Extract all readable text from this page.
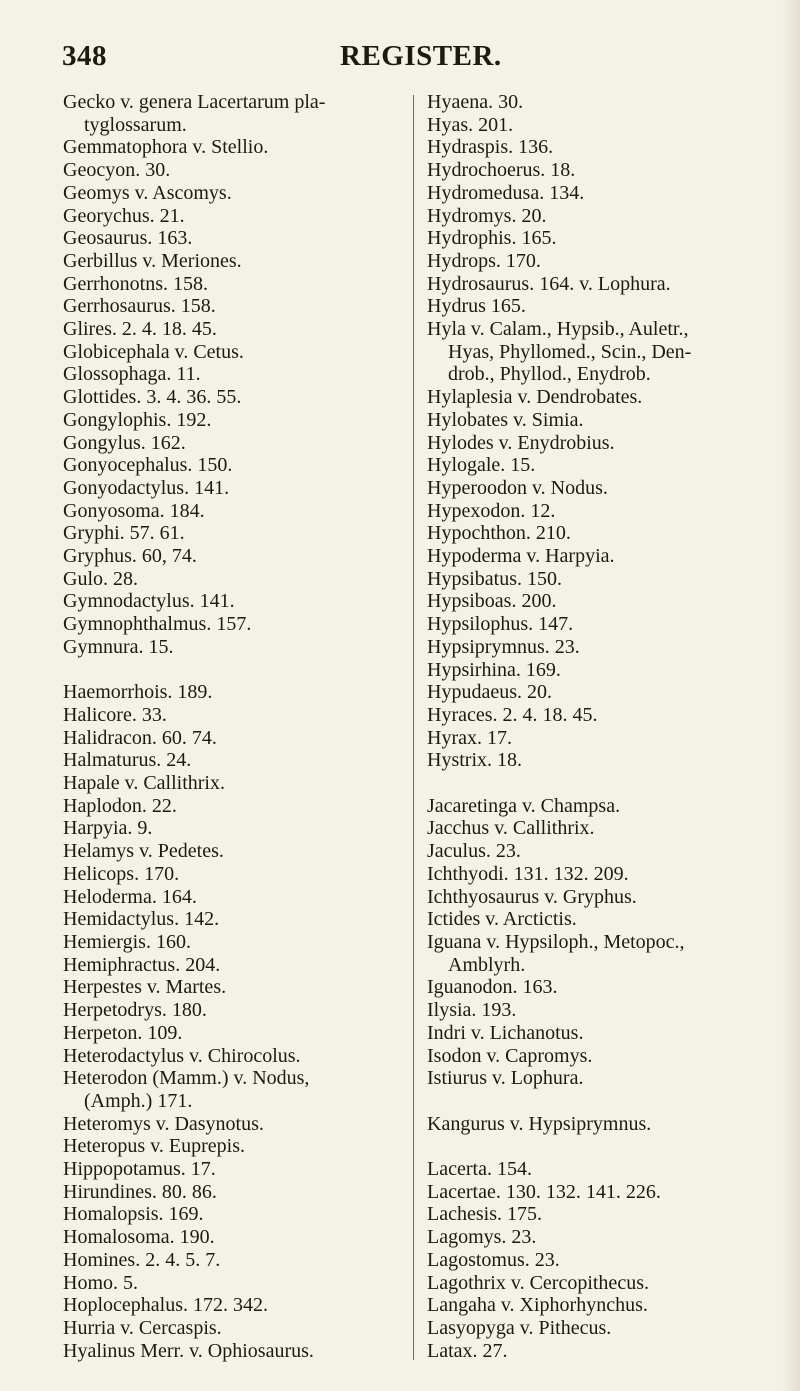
348	REGISTER.
Gecko v. genera Lacertarum pla-
tyglossarum.
Gemmatophora v. Stellio.
Geocyon. 30.
Geomys v. Ascomys.
Georychus. 21.
Geosaurus. 163.
Gerbillus v. Meriones.
Gerrhonotns. 158.
Gerrhosaurus. 158.
Glires. 2. 4. 18. 45.
Globicephala v. Cetus.
Glossophaga. 11.
Glottides. 3. 4. 36. 55.
Gongylophis. 192.
Gongylus. 162.
Gonyocephalus. 150.
Gonyodactylus. 141.
Gonyosoma. 184.
Gryphi. 57. 61.
Gryphus. 60, 74.
Gulo. 28.
Gymnodactylus. 141.
Gymnophthalmus. 157.
Gymnura. 15.
Haemorrhois. 189.
Halicore. 33.
Halidracon. 60. 74.
Halmaturus. 24.
Hapale v. Callithrix.
Haplodon. 22.
Harpyia. 9.
Helamys v. Pedetes.
Helicops. 170.
Heloderma. 164.
Hemidactylus. 142.
Hemiergis. 160.
Hemiphractus. 204.
Herpestes v. Martes.
Herpetodrys. 180.
Herpeton. 109.
Heterodactylus v. Chirocolus.
Heterodon (Mamm.) v. Nodus,
(Amph.) 171.
Heteromys v. Dasynotus.
Heteropus v. Euprepis.
Hippopotamus. 17.
Hirundines. 80. 86.
Homalopsis. 169.
Homalosoma. 190.
Homines. 2. 4. 5. 7.
Homo. 5.
Hoplocephalus. 172. 342.
Hurria v. Cercaspis.
Hyalinus Merr. v. Ophiosaurus.
Hyaena. 30.
Hyas. 201.
Hydraspis. 136.
Hydrochoerus. 18.
Hydromedusa. 134.
Hydromys. 20.
Hydrophis. 165.
Hydrops. 170.
Hydrosaurus. 164. v. Lophura.
Hydrus 165.
Hyla v. Calam., Hypsib., Auletr.,
Hyas, Phyllomed., Scin., Den-
drob., Phyllod., Enydrob.
Hylaplesia v. Dendrobates.
Hylobates v. Simia.
Hylodes v. Enydrobius.
Hylogale. 15.
Hyperoodon v. Nodus.
Hypexodon. 12.
Hypochthon. 210.
Hypoderma v. Harpyia.
Hypsibatus. 150.
Hypsiboas. 200.
Hypsilophus. 147.
Hypsiprymnus. 23.
Hypsirhina. 169.
Hypudaeus. 20.
Hyraces. 2. 4. 18. 45.
Hyrax. 17.
Hystrix. 18.
Jacaretinga v. Champsa.
Jacchus v. Callithrix.
Jaculus. 23.
Ichthyodi. 131. 132. 209.
Ichthyosaurus v. Gryphus.
Ictides v. Arctictis.
Iguana v. Hypsiloph., Metopoc.,
Amblyrh.
Iguanodon. 163.
Ilysia. 193.
Indri v. Lichanotus.
Isodon v. Capromys.
Istiurus v. Lophura.
Kangurus v. Hypsiprymnus.
Lacerta. 154.
Lacertae. 130. 132. 141. 226.
Lachesis. 175.
Lagomys. 23.
Lagostomus. 23.
Lagothrix v. Cercopithecus.
Langaha v. Xiphorhynchus.
Lasyopyga v. Pithecus.
Latax. 27.
